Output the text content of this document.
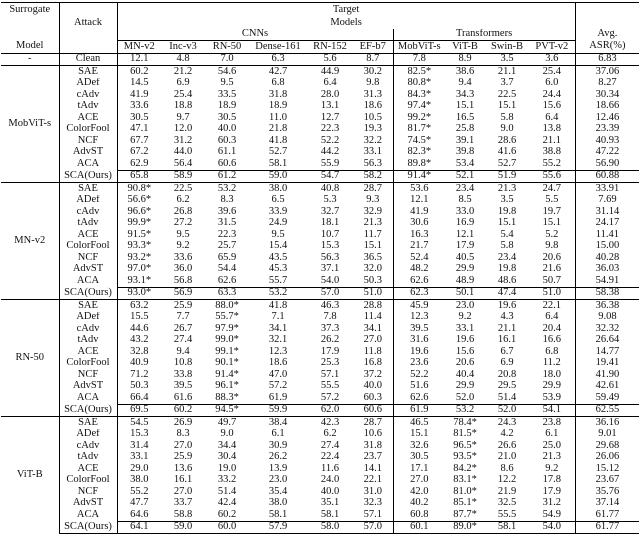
Surrogate		Target										
	Attack	Models										
		CNNs						Transformers				Avg.
Model		MN-v2	Inc-v3	RN-50	Dense-161	RN-152	EF-b7	MobViT-s	ViT-B	Swin-B	PVT-v2	ASR(%)
-	Clean	12.1	4.8	7.0	6.3	5.6	8.7	7.8	8.9	3.5	3.6	6.83
MobViT-s	SAE	60.2	21.2	54.6	42.7	44.9	30.2	82.5*	38.6	21.1	25.4	37.06
	ADef	14.5	6.9	9.5	6.8	6.4	9.8	80.8*	9.4	3.7	6.0	8.27
	cAdv	41.9	25.4	33.5	31.8	28.0	31.3	84.3*	34.3	22.5	24.4	30.34
	tAdv	33.6	18.8	18.9	18.9	13.1	18.6	97.4*	15.1	15.1	15.6	18.66
	ACE	30.5	9.7	30.5	11.0	12.7	10.5	99.2*	16.5	5.8	6.4	12.46
	ColorFool	47.1	12.0	40.0	21.8	22.3	19.3	81.7*	25.8	9.0	13.8	23.39
	NCF	67.7	31.2	60.3	41.8	52.2	32.2	74.5*	39.1	28.6	21.1	40.93
	AdvST	67.2	44.0	61.1	52.7	44.2	33.1	82.3*	39.8	41.6	38.8	47.22
	ACA	62.9	56.4	60.6	58.1	55.9	56.3	89.8*	53.4	52.7	55.2	56.90
	SCA(Ours)	65.8	58.9	61.2	59.0	54.7	58.2	91.4*	52.1	51.9	55.6	60.88
MN-v2	SAE	90.8*	22.5	53.2	38.0	40.8	28.7	53.6	23.4	21.3	24.7	33.91
	ADef	56.6*	6.2	8.3	6.5	5.3	9.3	12.1	8.5	3.5	5.5	7.69
	cAdv	96.6*	26.8	39.6	33.9	32.7	32.9	41.9	33.0	19.8	19.7	31.14
	tAdv	99.9*	27.2	31.5	24.9	18.1	21.3	30.6	16.9	15.1	15.1	24.17
	ACE	91.5*	9.5	22.3	9.5	10.7	11.7	16.3	12.1	5.4	5.2	11.41
	ColorFool	93.3*	9.2	25.7	15.4	15.3	15.1	21.7	17.9	5.8	9.8	15.00
	NCF	93.2*	33.6	65.9	43.5	56.3	36.5	52.4	40.5	23.4	20.6	40.28
	AdvST	97.0*	36.0	54.4	45.3	37.1	32.0	48.2	29.9	19.8	21.6	36.03
	ACA	93.1*	56.8	62.6	55.7	54.0	50.3	62.6	48.9	48.6	50.7	54.91
	SCA(Ours)	93.0*	56.9	63.3	53.2	57.0	51.0	62.3	50.1	47.4	51.0	58.38
RN-50	SAE	63.2	25.9	88.0*	41.8	46.3	28.8	45.9	23.0	19.6	22.1	36.38
	ADef	15.5	7.7	55.7*	7.1	7.8	11.4	12.3	9.2	4.3	6.4	9.08
	cAdv	44.6	26.7	97.9*	34.1	37.3	34.1	39.5	33.1	21.1	20.4	32.32
	tAdv	43.2	27.4	99.0*	32.1	26.2	27.0	31.6	19.6	16.1	16.6	26.64
	ACE	32.8	9.4	99.1*	12.3	17.9	11.8	19.6	15.6	6.7	6.8	14.77
	ColorFool	40.9	10.8	90.1*	18.6	25.3	16.8	23.6	20.6	6.9	11.2	19.41
	NCF	71.2	33.8	91.4*	47.0	57.1	37.2	52.2	40.4	20.8	18.0	41.90
	AdvST	50.3	39.5	96.1*	57.2	55.5	40.0	51.6	29.9	29.5	29.9	42.61
	ACA	66.4	61.6	88.3*	61.9	57.2	60.3	62.6	52.0	51.4	53.9	59.49
	SCA(Ours)	69.5	60.2	94.5*	59.9	62.0	60.6	61.9	53.2	52.0	54.1	62.55
ViT-B	SAE	54.5	26.9	49.7	38.4	42.3	28.7	46.5	78.4*	24.3	23.8	36.16
	ADef	15.3	8.3	9.0	6.1	6.2	10.6	15.1	81.5*	4.2	6.1	9.01
	cAdv	31.4	27.0	34.4	30.9	27.4	31.8	32.6	96.5*	26.6	25.0	29.68
	tAdv	33.1	25.9	30.4	26.2	22.4	23.7	30.5	93.5*	21.0	21.3	26.06
	ACE	29.0	13.6	19.0	13.9	11.6	14.1	17.1	84.2*	8.6	9.2	15.12
	ColorFool	38.0	16.1	33.2	23.0	24.0	22.1	27.0	83.1*	12.2	17.8	23.67
	NCF	55.2	27.0	51.4	35.4	40.0	31.0	42.0	81.0*	21.9	17.9	35.76
	AdvST	47.7	33.7	42.4	38.0	35.1	32.3	40.2	85.1*	32.5	31.2	37.14
	ACA	64.6	58.8	60.2	58.1	58.1	57.1	60.8	87.7*	55.5	54.9	61.77
	SCA(Ours)	64.1	59.0	60.0	57.9	58.0	57.0	60.1	89.0*	58.1	54.0	61.77
